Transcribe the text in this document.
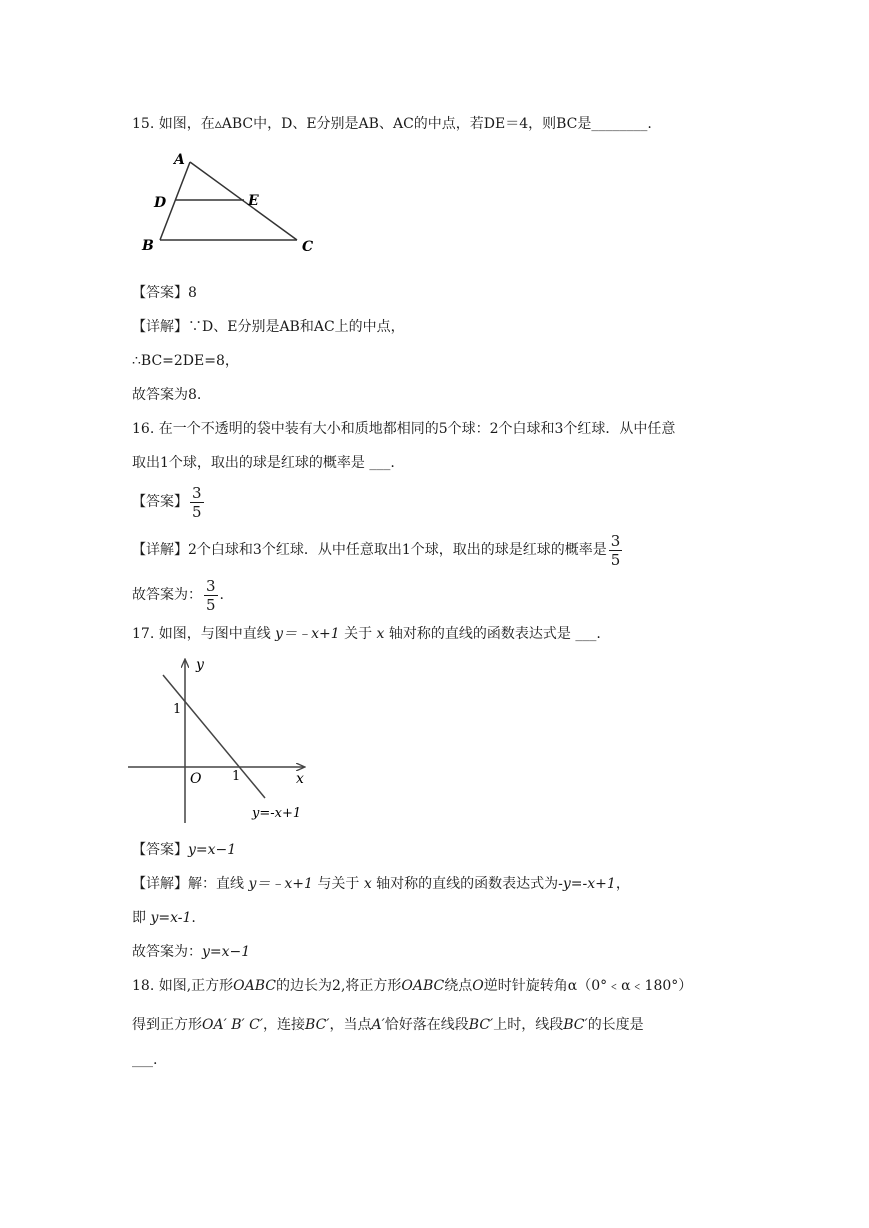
15. 如图，在▵ABC中，D、E分别是AB、AC的中点，若DE＝4，则BC是________.
A
D	E
B	C
【答案】8
【详解】∵D、E分别是AB和AC上的中点，
∴BC=2DE=8，
故答案为8.
16. 在一个不透明的袋中装有大小和质地都相同的5个球：2个白球和3个红球．从中任意
取出1个球，取出的球是红球的概率是 ___.
【答案】 $\frac{3}{5}$
【详解】2个白球和3个红球．从中任意取出1个球，取出的球是红球的概率是 $\frac{3}{5}$
故答案为： $\frac{3}{5}$ .
17. 如图，与图中直线 y＝﹣x+1 关于 x 轴对称的直线的函数表达式是 ___.
y
x
O
1
1
y=-x+1
【答案】y=x−1
【详解】解：直线 y＝﹣x+1 与关于 x 轴对称的直线的函数表达式为-y=-x+1，
即 y=x-1.
故答案为：y=x−1
18. 如图,正方形OABC的边长为2,将正方形OABC绕点O逆时针旋转角α（0°﹤α﹤180°）
得到正方形OA′ B′ C′，连接BC′，当点A′恰好落在线段BC′上时，线段BC′的长度是
___.
